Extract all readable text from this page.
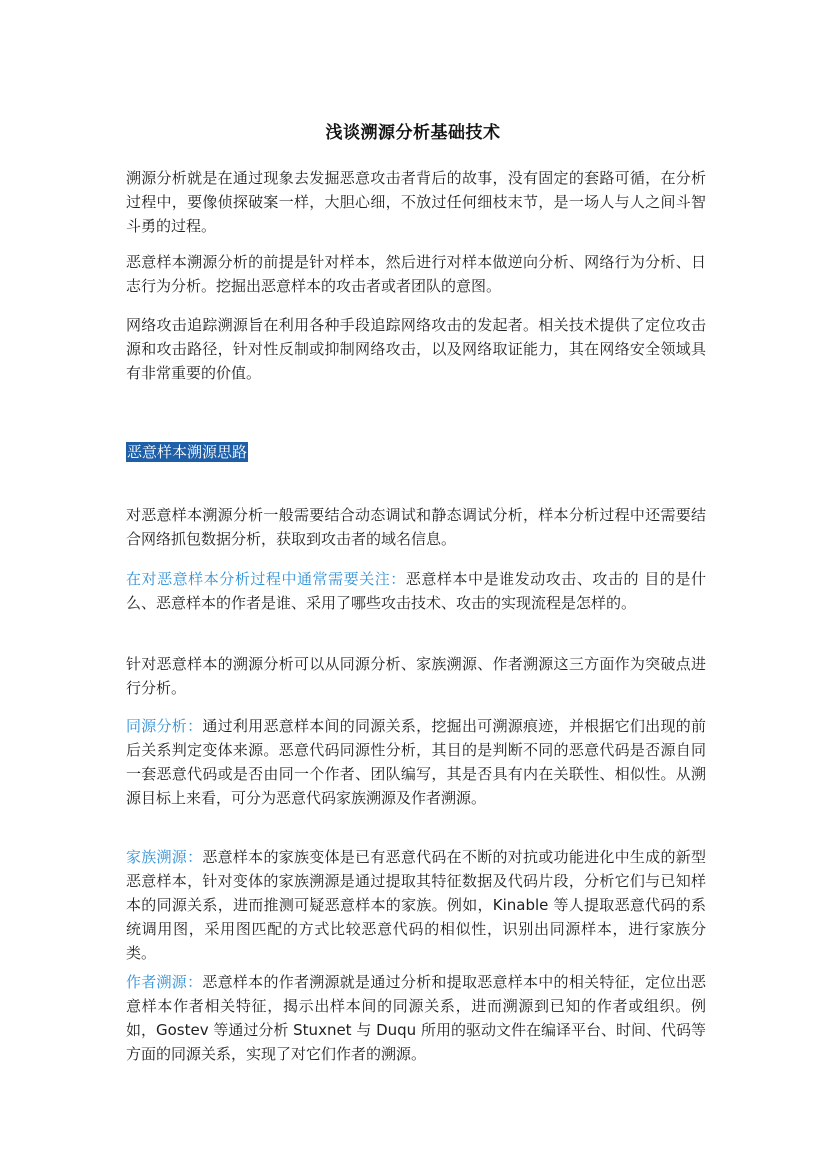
浅谈溯源分析基础技术
溯源分析就是在通过现象去发掘恶意攻击者背后的故事，没有固定的套路可循，在分析过程中，要像侦探破案一样，大胆心细，不放过任何细枝末节，是一场人与人之间斗智斗勇的过程。
恶意样本溯源分析的前提是针对样本，然后进行对样本做逆向分析、网络行为分析、日志行为分析。挖掘出恶意样本的攻击者或者团队的意图。
网络攻击追踪溯源旨在利用各种手段追踪网络攻击的发起者。相关技术提供了定位攻击源和攻击路径，针对性反制或抑制网络攻击，以及网络取证能力，其在网络安全领域具有非常重要的价值。
恶意样本溯源思路
对恶意样本溯源分析一般需要结合动态调试和静态调试分析，样本分析过程中还需要结合网络抓包数据分析，获取到攻击者的域名信息。
在对恶意样本分析过程中通常需要关注：恶意样本中是谁发动攻击、攻击的 目的是什么、恶意样本的作者是谁、采用了哪些攻击技术、攻击的实现流程是怎样的。
针对恶意样本的溯源分析可以从同源分析、家族溯源、作者溯源这三方面作为突破点进行分析。
同源分析：通过利用恶意样本间的同源关系，挖掘出可溯源痕迹，并根据它们出现的前后关系判定变体来源。恶意代码同源性分析，其目的是判断不同的恶意代码是否源自同一套恶意代码或是否由同一个作者、团队编写，其是否具有内在关联性、相似性。从溯源目标上来看，可分为恶意代码家族溯源及作者溯源。
家族溯源：恶意样本的家族变体是已有恶意代码在不断的对抗或功能进化中生成的新型恶意样本，针对变体的家族溯源是通过提取其特征数据及代码片段，分析它们与已知样本的同源关系，进而推测可疑恶意样本的家族。例如，Kinable 等人提取恶意代码的系统调用图，采用图匹配的方式比较恶意代码的相似性，识别出同源样本，进行家族分类。
作者溯源：恶意样本的作者溯源就是通过分析和提取恶意样本中的相关特征，定位出恶意样本作者相关特征，揭示出样本间的同源关系，进而溯源到已知的作者或组织。例如，Gostev 等通过分析 Stuxnet 与 Duqu 所用的驱动文件在编译平台、时间、代码等方面的同源关系，实现了对它们作者的溯源。
